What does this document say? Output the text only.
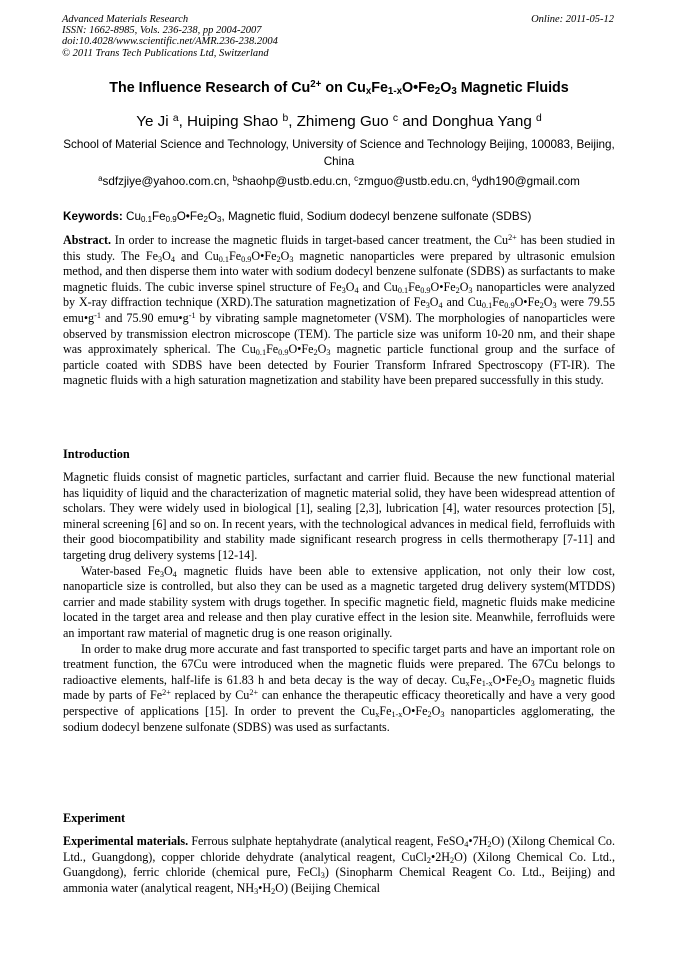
Advanced Materials Research
ISSN: 1662-8985, Vols. 236-238, pp 2004-2007
doi:10.4028/www.scientific.net/AMR.236-238.2004
© 2011 Trans Tech Publications Ltd, Switzerland
Online: 2011-05-12
The Influence Research of $Cu^{2+}$ on $Cu_xFe_{1-x}O•Fe_2O_3$ Magnetic Fluids
Ye Ji $^a$, Huiping Shao $^b$, Zhimeng Guo $^c$ and Donghua Yang $^d$
School of Material Science and Technology, University of Science and Technology Beijing, 100083, Beijing, China
$^a$sdfzjiye@yahoo.com.cn, $^b$shaohp@ustb.edu.cn, $^c$zmguo@ustb.edu.cn, $^d$ydh190@gmail.com
Keywords: $Cu_{0.1}Fe_{0.9}O•Fe_2O_3$, Magnetic fluid, Sodium dodecyl benzene sulfonate (SDBS)
Abstract. In order to increase the magnetic fluids in target-based cancer treatment, the $Cu^{2+}$ has been studied in this study. The $Fe_3O_4$ and $Cu_{0.1}Fe_{0.9}O•Fe_2O_3$ magnetic nanoparticles were prepared by ultrasonic emulsion method, and then disperse them into water with sodium dodecyl benzene sulfonate (SDBS) as surfactants to make magnetic fluids. The cubic inverse spinel structure of $Fe_3O_4$ and $Cu_{0.1}Fe_{0.9}O•Fe_2O_3$ nanoparticles were analyzed by X-ray diffraction technique (XRD).The saturation magnetization of $Fe_3O_4$ and $Cu_{0.1}Fe_{0.9}O•Fe_2O_3$ were 79.55 $emu•g^{-1}$ and 75.90 $emu•g^{-1}$ by vibrating sample magnetometer (VSM). The morphologies of nanoparticles were observed by transmission electron microscope (TEM). The particle size was uniform 10-20 nm, and their shape was approximately spherical. The $Cu_{0.1}Fe_{0.9}O•Fe_2O_3$ magnetic particle functional group and the surface of particle coated with SDBS have been detected by Fourier Transform Infrared Spectroscopy (FT-IR). The magnetic fluids with a high saturation magnetization and stability have been prepared successfully in this study.
Introduction

Magnetic fluids consist of magnetic particles, surfactant and carrier fluid. Because the new functional material has liquidity of liquid and the characterization of magnetic material solid, they have been widespread attention of scholars. They were widely used in biological [1], sealing [2,3], lubrication [4], water resources protection [5], mineral screening [6] and so on. In recent years, with the technological advances in medical field, ferrofluids with their good biocompatibility and stability made significant research progress in cells thermotherapy [7-11] and targeting drug delivery systems [12-14].

Water-based $Fe_3O_4$ magnetic fluids have been able to extensive application, not only their low cost, nanoparticle size is controlled, but also they can be used as a magnetic targeted drug delivery system(MTDDS) carrier and made stability system with drugs together. In specific magnetic field, magnetic fluids make medicine located in the target area and release and then play curative effect in the lesion site. Meanwhile, ferrofluids were an important raw material of magnetic drug is one reason originally.

In order to make drug more accurate and fast transported to specific target parts and have an important role on treatment function, the 67Cu were introduced when the magnetic fluids were prepared. The 67Cu belongs to radioactive elements, half-life is 61.83 h and beta decay is the way of decay. $Cu_xFe_{1-x}O•Fe_2O_3$ magnetic fluids made by parts of $Fe^{2+}$ replaced by $Cu^{2+}$ can enhance the therapeutic efficacy theoretically and have a very good perspective of applications [15]. In order to prevent the $Cu_xFe_{1-x}O•Fe_2O_3$ nanoparticles agglomerating, the sodium dodecyl benzene sulfonate (SDBS) was used as surfactants.

Experiment
Experimental materials. Ferrous sulphate heptahydrate (analytical reagent, $FeSO_4•7H_2O$) (Xilong Chemical Co. Ltd., Guangdong), copper chloride dehydrate (analytical reagent, $CuCl_2•2H_2O$) (Xilong Chemical Co. Ltd., Guangdong), ferric chloride (chemical pure, FeCl$_3$) (Sinopharm Chemical Reagent Co. Ltd., Beijing) and ammonia water (analytical reagent, $NH_3•H_2O$) (Beijing Chemical
